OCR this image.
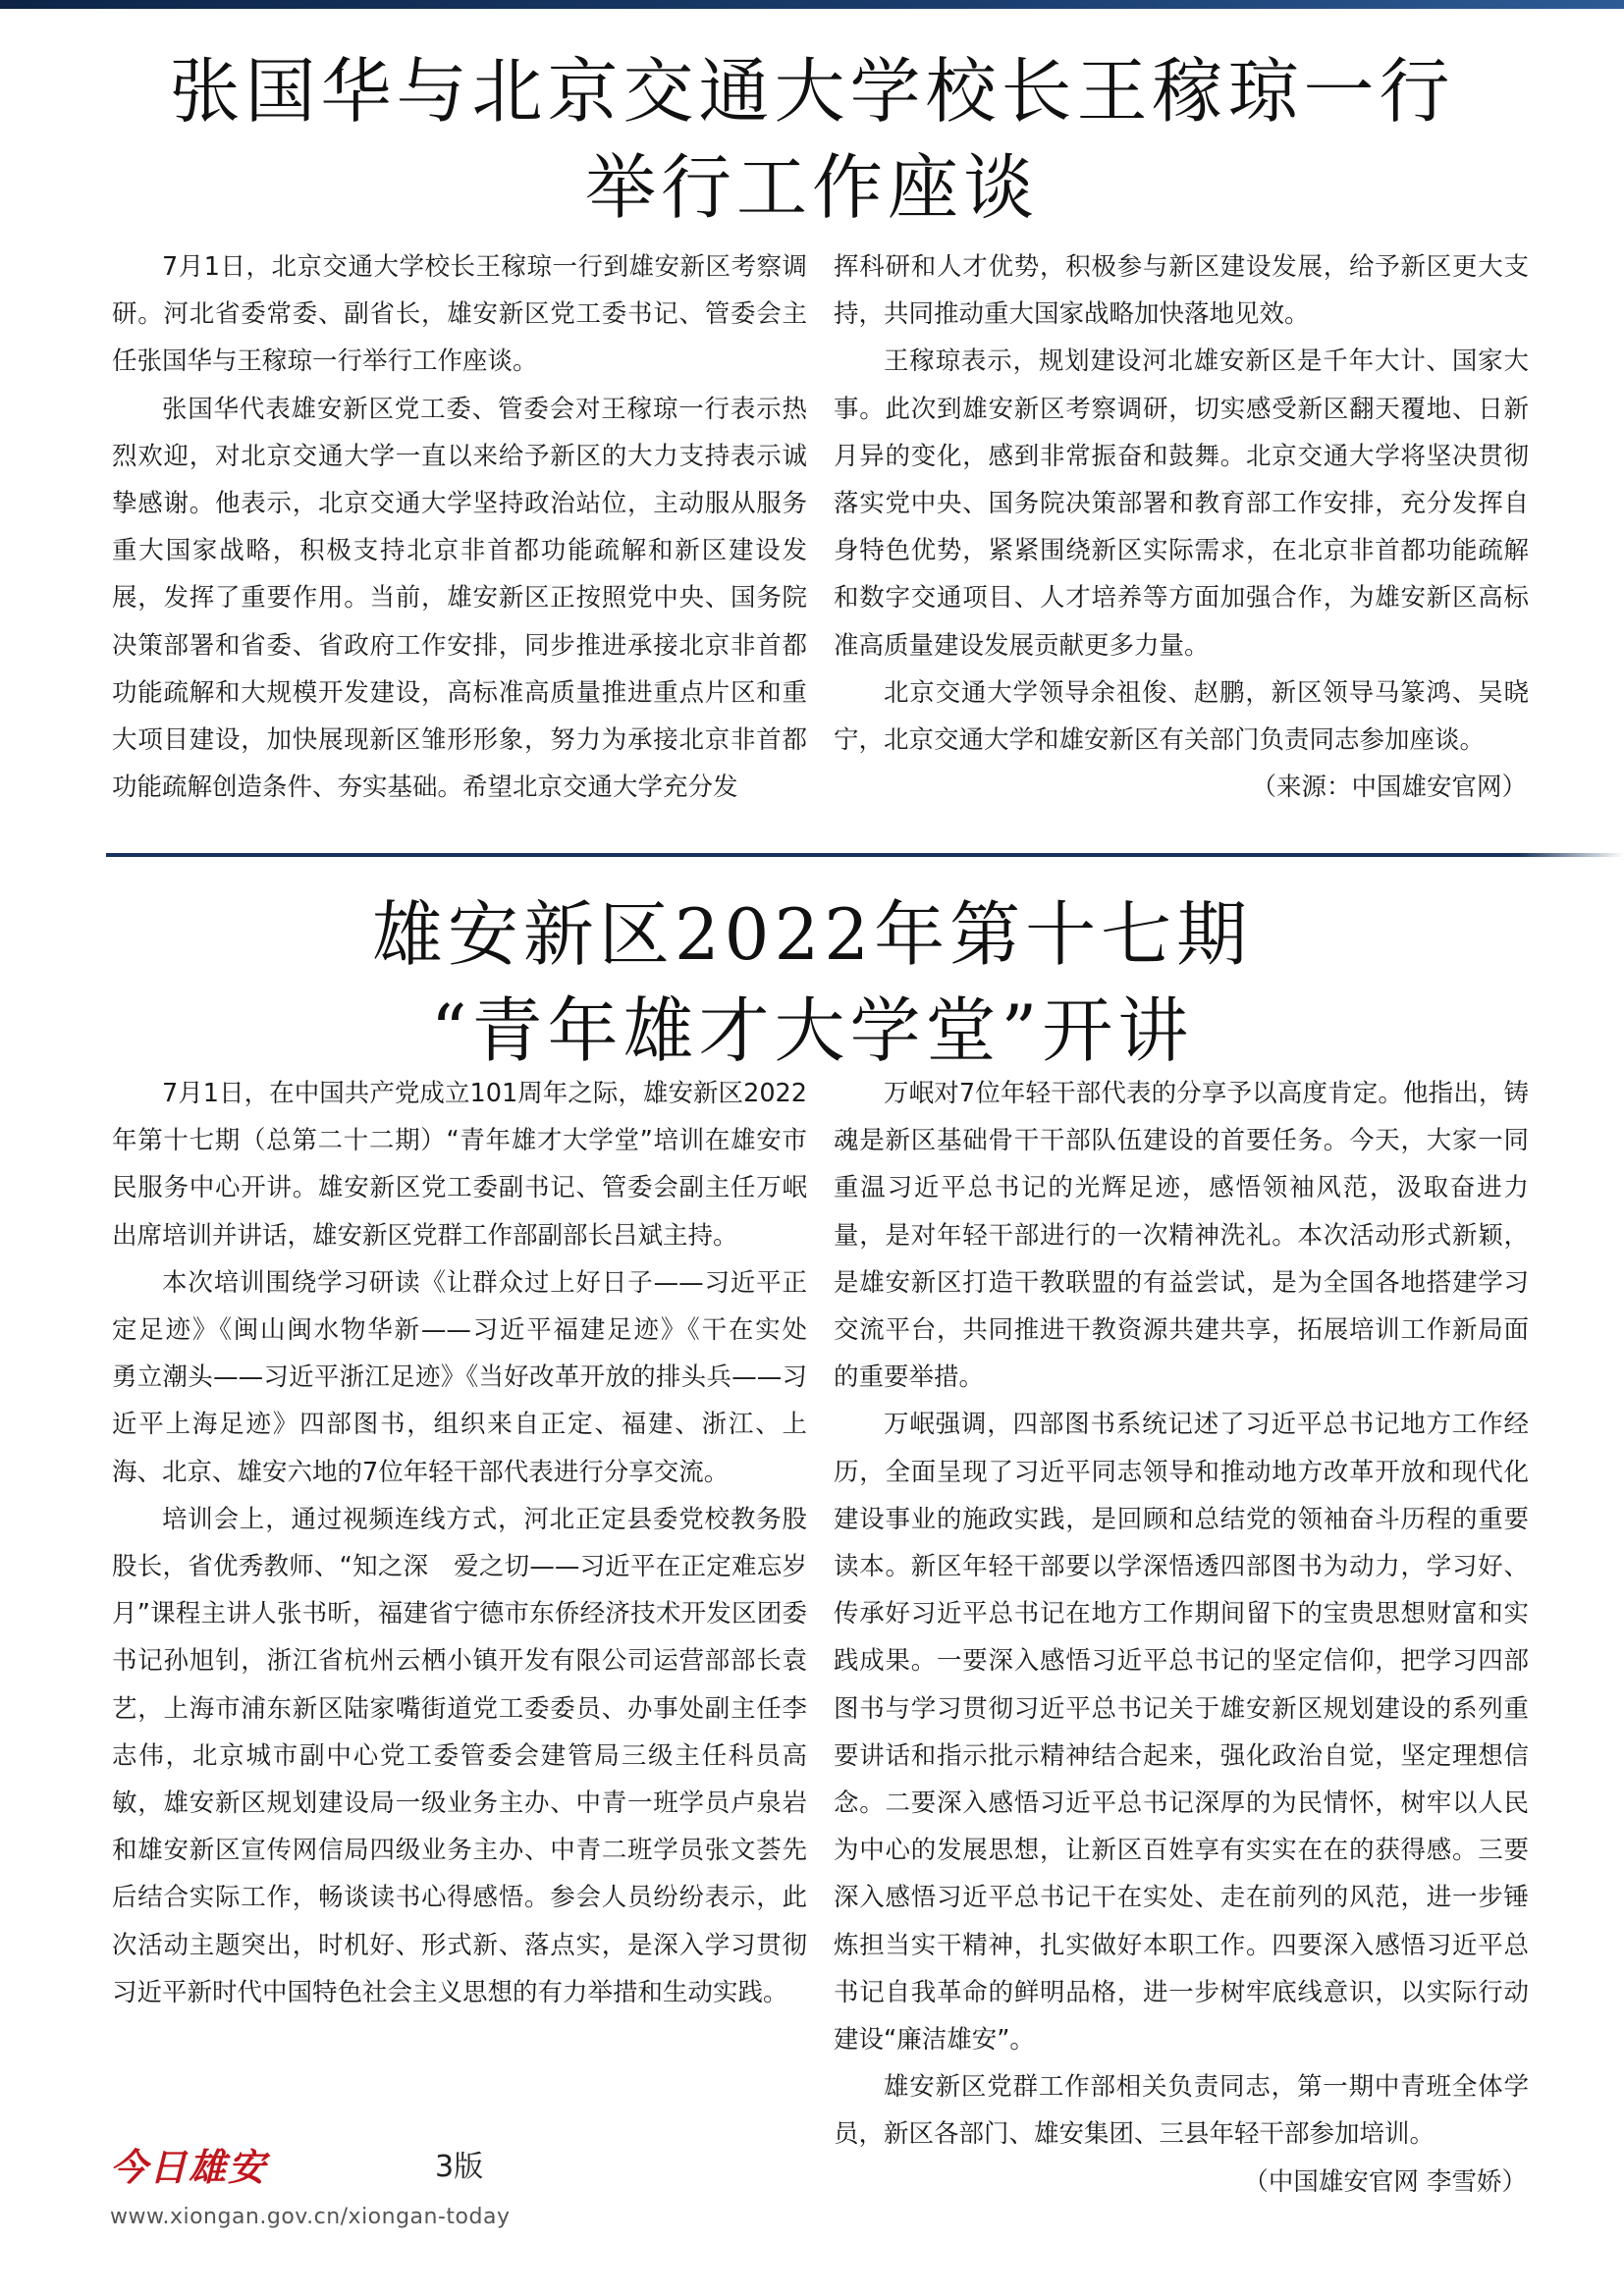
张国华与北京交通大学校长王稼琼一行
举行工作座谈

7月1日，北京交通大学校长王稼琼一行到雄安新区考察调研。河北省委常委、副省长，雄安新区党工委书记、管委会主任张国华与王稼琼一行举行工作座谈。

张国华代表雄安新区党工委、管委会对王稼琼一行表示热烈欢迎，对北京交通大学一直以来给予新区的大力支持表示诚挚感谢。他表示，北京交通大学坚持政治站位，主动服从服务重大国家战略，积极支持北京非首都功能疏解和新区建设发展，发挥了重要作用。当前，雄安新区正按照党中央、国务院决策部署和省委、省政府工作安排，同步推进承接北京非首都功能疏解和大规模开发建设，高标准高质量推进重点片区和重大项目建设，加快展现新区雏形形象，努力为承接北京非首都功能疏解创造条件、夯实基础。希望北京交通大学充分发

挥科研和人才优势，积极参与新区建设发展，给予新区更大支持，共同推动重大国家战略加快落地见效。

王稼琼表示，规划建设河北雄安新区是千年大计、国家大事。此次到雄安新区考察调研，切实感受新区翻天覆地、日新月异的变化，感到非常振奋和鼓舞。北京交通大学将坚决贯彻落实党中央、国务院决策部署和教育部工作安排，充分发挥自身特色优势，紧紧围绕新区实际需求，在北京非首都功能疏解和数字交通项目、人才培养等方面加强合作，为雄安新区高标准高质量建设发展贡献更多力量。

北京交通大学领导余祖俊、赵鹏，新区领导马篆鸿、吴晓宁，北京交通大学和雄安新区有关部门负责同志参加座谈。

（来源：中国雄安官网）

雄安新区2022年第十七期
“青年雄才大学堂”开讲

7月1日，在中国共产党成立101周年之际，雄安新区2022年第十七期（总第二十二期）“青年雄才大学堂”培训在雄安市民服务中心开讲。雄安新区党工委副书记、管委会副主任万岷出席培训并讲话，雄安新区党群工作部副部长吕斌主持。

本次培训围绕学习研读《让群众过上好日子——习近平正定足迹》《闽山闽水物华新——习近平福建足迹》《干在实处　勇立潮头——习近平浙江足迹》《当好改革开放的排头兵——习近平上海足迹》四部图书，组织来自正定、福建、浙江、上海、北京、雄安六地的7位年轻干部代表进行分享交流。

培训会上，通过视频连线方式，河北正定县委党校教务股股长，省优秀教师、“知之深　爱之切——习近平在正定难忘岁月”课程主讲人张书昕，福建省宁德市东侨经济技术开发区团委书记孙旭钊，浙江省杭州云栖小镇开发有限公司运营部部长袁艺，上海市浦东新区陆家嘴街道党工委委员、办事处副主任李志伟，北京城市副中心党工委管委会建管局三级主任科员高敏，雄安新区规划建设局一级业务主办、中青一班学员卢泉岩和雄安新区宣传网信局四级业务主办、中青二班学员张文荟先后结合实际工作，畅谈读书心得感悟。参会人员纷纷表示，此次活动主题突出，时机好、形式新、落点实，是深入学习贯彻习近平新时代中国特色社会主义思想的有力举措和生动实践。

万岷对7位年轻干部代表的分享予以高度肯定。他指出，铸魂是新区基础骨干干部队伍建设的首要任务。今天，大家一同重温习近平总书记的光辉足迹，感悟领袖风范，汲取奋进力量，是对年轻干部进行的一次精神洗礼。本次活动形式新颖，是雄安新区打造干教联盟的有益尝试，是为全国各地搭建学习交流平台，共同推进干教资源共建共享，拓展培训工作新局面的重要举措。

万岷强调，四部图书系统记述了习近平总书记地方工作经历，全面呈现了习近平同志领导和推动地方改革开放和现代化建设事业的施政实践，是回顾和总结党的领袖奋斗历程的重要读本。新区年轻干部要以学深悟透四部图书为动力，学习好、传承好习近平总书记在地方工作期间留下的宝贵思想财富和实践成果。一要深入感悟习近平总书记的坚定信仰，把学习四部图书与学习贯彻习近平总书记关于雄安新区规划建设的系列重要讲话和指示批示精神结合起来，强化政治自觉，坚定理想信念。二要深入感悟习近平总书记深厚的为民情怀，树牢以人民为中心的发展思想，让新区百姓享有实实在在的获得感。三要深入感悟习近平总书记干在实处、走在前列的风范，进一步锤炼担当实干精神，扎实做好本职工作。四要深入感悟习近平总书记自我革命的鲜明品格，进一步树牢底线意识，以实际行动建设“廉洁雄安”。

雄安新区党群工作部相关负责同志，第一期中青班全体学员，新区各部门、雄安集团、三县年轻干部参加培训。

（中国雄安官网 李雪娇）

今日雄安	3版
www.xiongan.gov.cn/xiongan-today
